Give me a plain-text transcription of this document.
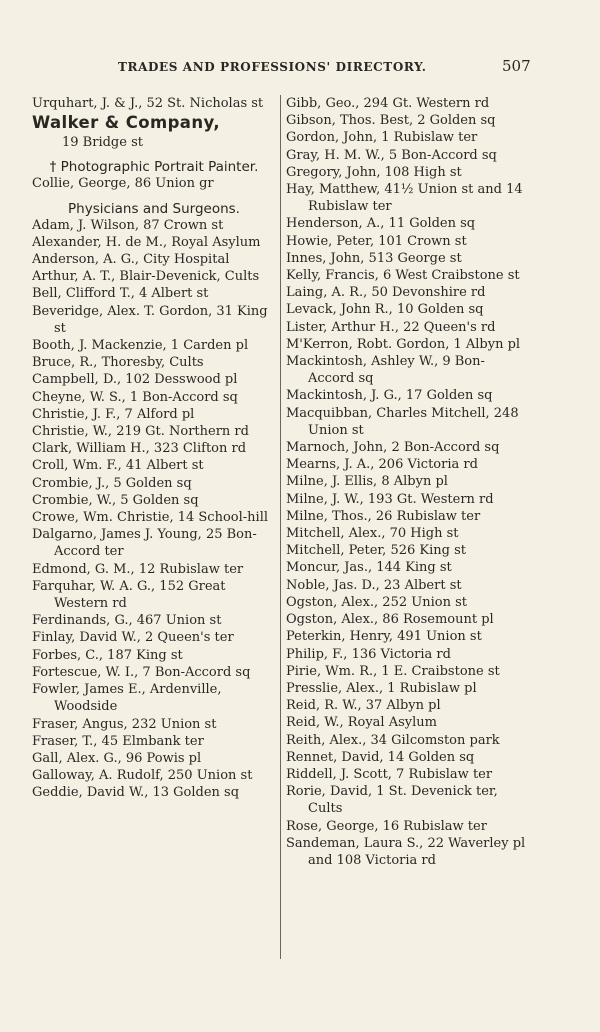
TRADES AND PROFESSIONS' DIRECTORY.	507
Urquhart, J. & J., 52 St. Nicholas st
Walker & Company,
19 Bridge st
† Photographic Portrait Painter.
Collie, George, 86 Union gr
Physicians and Surgeons.
Adam, J. Wilson, 87 Crown st
Alexander, H. de M., Royal Asylum
Anderson, A. G., City Hospital
Arthur, A. T., Blair-Devenick, Cults
Bell, Clifford T., 4 Albert st
Beveridge, Alex. T. Gordon, 31 King st
Booth, J. Mackenzie, 1 Carden pl
Bruce, R., Thoresby, Cults
Campbell, D., 102 Desswood pl
Cheyne, W. S., 1 Bon-Accord sq
Christie, J. F., 7 Alford pl
Christie, W., 219 Gt. Northern rd
Clark, William H., 323 Clifton rd
Croll, Wm. F., 41 Albert st
Crombie, J., 5 Golden sq
Crombie, W., 5 Golden sq
Crowe, Wm. Christie, 14 School-hill
Dalgarno, James J. Young, 25 Bon-Accord ter
Edmond, G. M., 12 Rubislaw ter
Farquhar, W. A. G., 152 Great Western rd
Ferdinands, G., 467 Union st
Finlay, David W., 2 Queen's ter
Forbes, C., 187 King st
Fortescue, W. I., 7 Bon-Accord sq
Fowler, James E., Ardenville, Woodside
Fraser, Angus, 232 Union st
Fraser, T., 45 Elmbank ter
Gall, Alex. G., 96 Powis pl
Galloway, A. Rudolf, 250 Union st
Geddie, David W., 13 Golden sq
Gibb, Geo., 294 Gt. Western rd
Gibson, Thos. Best, 2 Golden sq
Gordon, John, 1 Rubislaw ter
Gray, H. M. W., 5 Bon-Accord sq
Gregory, John, 108 High st
Hay, Matthew, 41½ Union st and 14 Rubislaw ter
Henderson, A., 11 Golden sq
Howie, Peter, 101 Crown st
Innes, John, 513 George st
Kelly, Francis, 6 West Craibstone st
Laing, A. R., 50 Devonshire rd
Levack, John R., 10 Golden sq
Lister, Arthur H., 22 Queen's rd
M'Kerron, Robt. Gordon, 1 Albyn pl
Mackintosh, Ashley W., 9 Bon-Accord sq
Mackintosh, J. G., 17 Golden sq
Macquibban, Charles Mitchell, 248 Union st
Marnoch, John, 2 Bon-Accord sq
Mearns, J. A., 206 Victoria rd
Milne, J. Ellis, 8 Albyn pl
Milne, J. W., 193 Gt. Western rd
Milne, Thos., 26 Rubislaw ter
Mitchell, Alex., 70 High st
Mitchell, Peter, 526 King st
Moncur, Jas., 144 King st
Noble, Jas. D., 23 Albert st
Ogston, Alex., 252 Union st
Ogston, Alex., 86 Rosemount pl
Peterkin, Henry, 491 Union st
Philip, F., 136 Victoria rd
Pirie, Wm. R., 1 E. Craibstone st
Presslie, Alex., 1 Rubislaw pl
Reid, R. W., 37 Albyn pl
Reid, W., Royal Asylum
Reith, Alex., 34 Gilcomston park
Rennet, David, 14 Golden sq
Riddell, J. Scott, 7 Rubislaw ter
Rorie, David, 1 St. Devenick ter, Cults
Rose, George, 16 Rubislaw ter
Sandeman, Laura S., 22 Waverley pl and 108 Victoria rd
